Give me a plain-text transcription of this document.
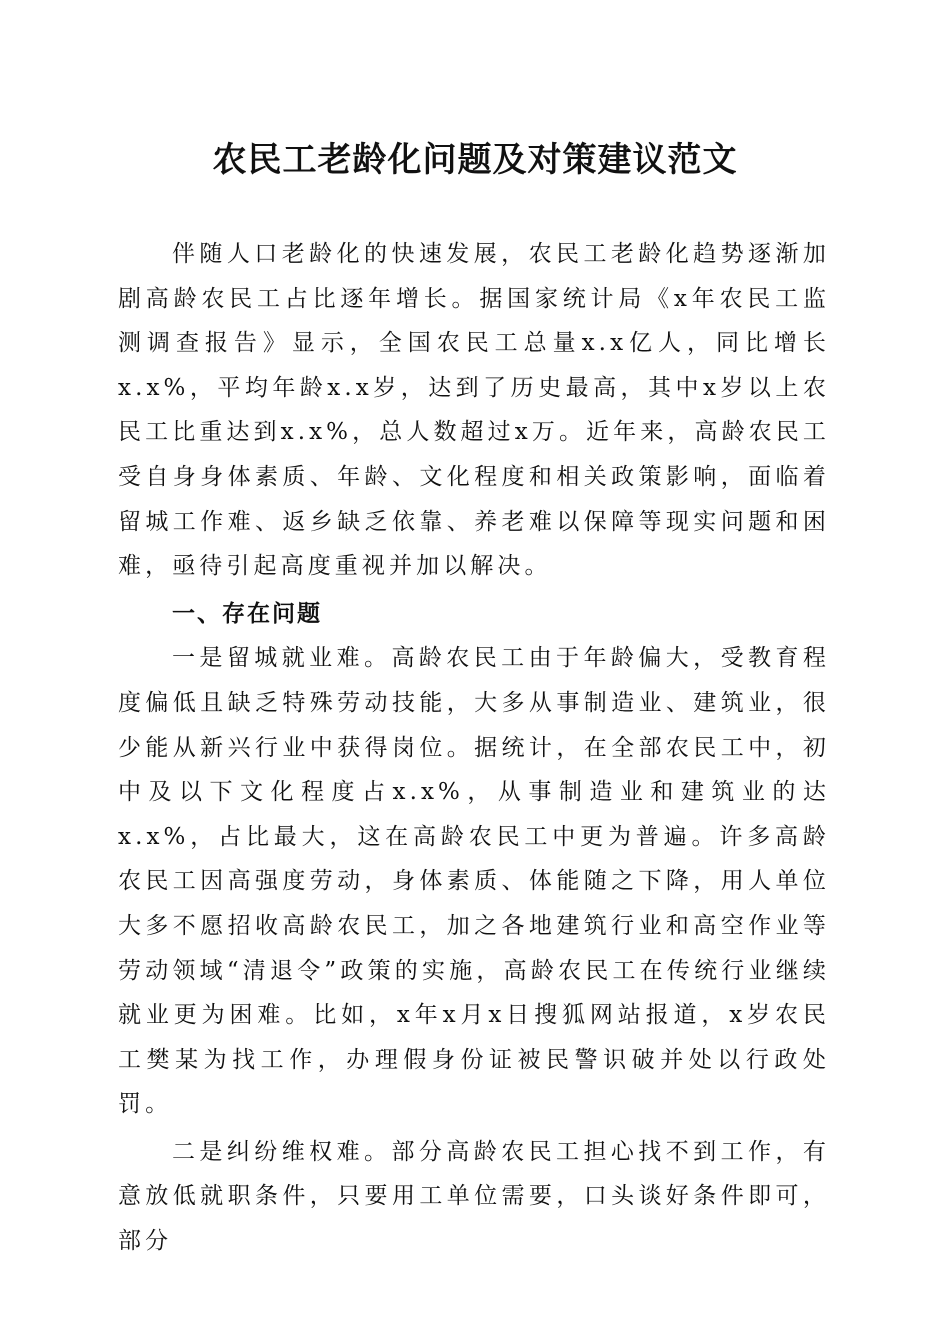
农民工老龄化问题及对策建议范文

伴随人口老龄化的快速发展，农民工老龄化趋势逐渐加剧高龄农民工占比逐年增长。据国家统计局《x年农民工监测调查报告》显示，全国农民工总量x.x亿人，同比增长x.x%，平均年龄x.x岁，达到了历史最高，其中x岁以上农民工比重达到x.x%，总人数超过x万。近年来，高龄农民工受自身身体素质、年龄、文化程度和相关政策影响，面临着留城工作难、返乡缺乏依靠、养老难以保障等现实问题和困难，亟待引起高度重视并加以解决。

一、存在问题

一是留城就业难。高龄农民工由于年龄偏大，受教育程度偏低且缺乏特殊劳动技能，大多从事制造业、建筑业，很少能从新兴行业中获得岗位。据统计，在全部农民工中，初中及以下文化程度占x.x%，从事制造业和建筑业的达x.x%，占比最大，这在高龄农民工中更为普遍。许多高龄农民工因高强度劳动，身体素质、体能随之下降，用人单位大多不愿招收高龄农民工，加之各地建筑行业和高空作业等劳动领域“清退令”政策的实施，高龄农民工在传统行业继续就业更为困难。比如，x年x月x日搜狐网站报道，x岁农民工樊某为找工作，办理假身份证被民警识破并处以行政处罚。

二是纠纷维权难。部分高龄农民工担心找不到工作，有意放低就职条件，只要用工单位需要，口头谈好条件即可，部分
